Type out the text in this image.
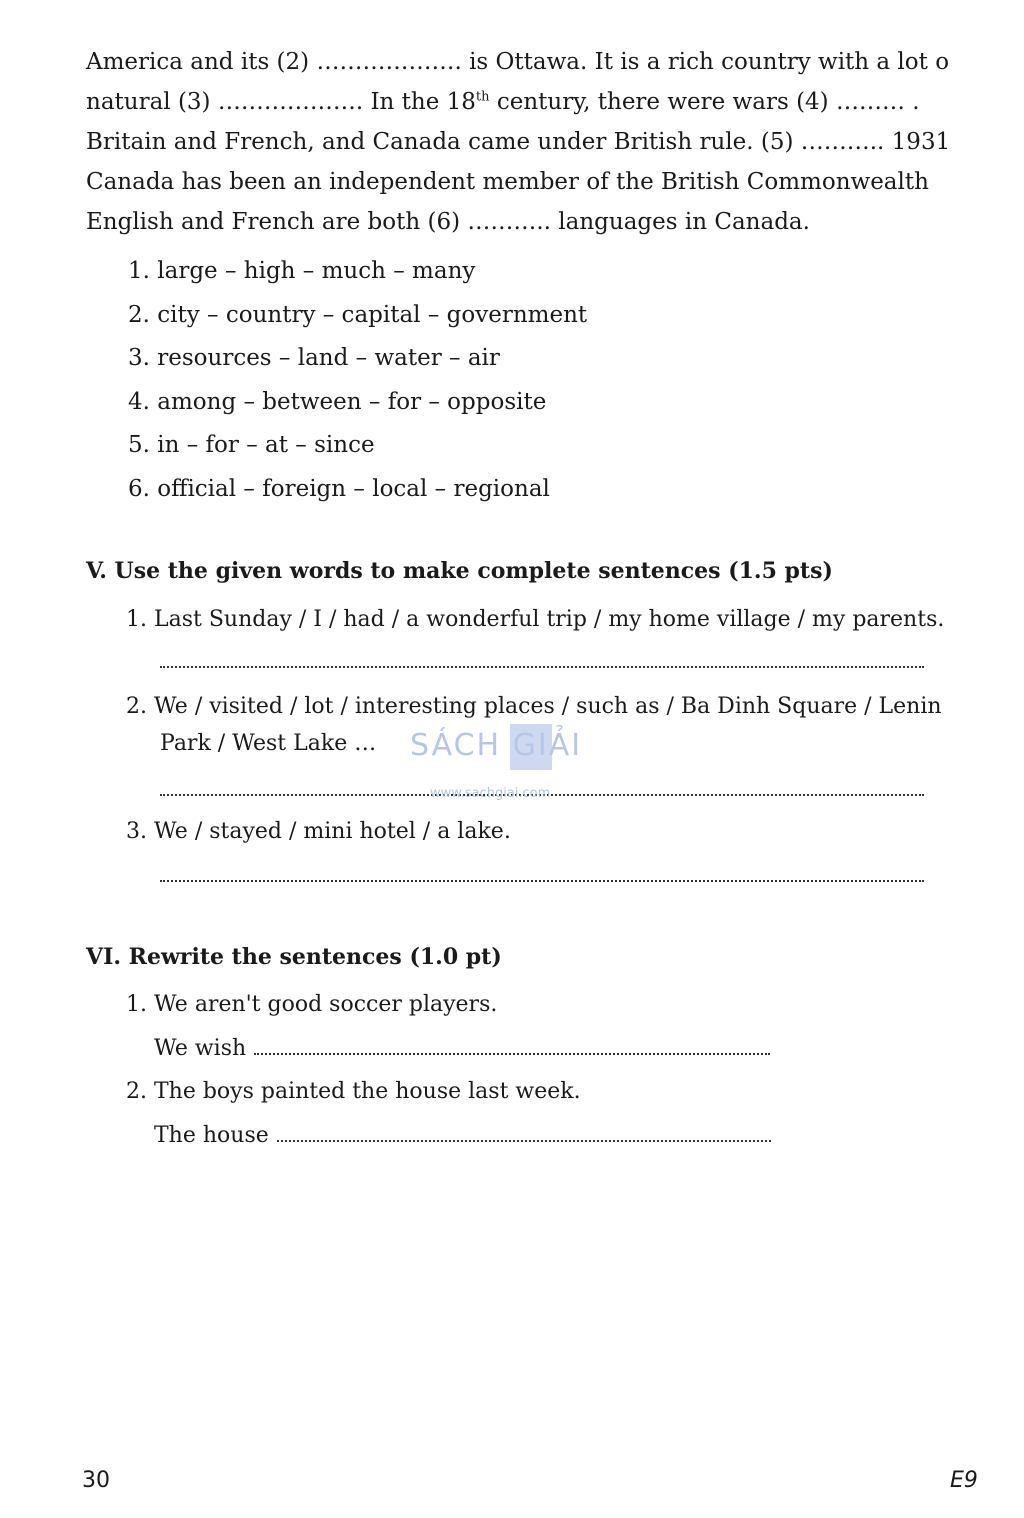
America and its (2) ………………. is Ottawa. It is a rich country with a lot o
natural (3) ………………. In the 18th century, there were wars (4) ……… .
Britain and French, and Canada came under British rule. (5) ……….. 1931
Canada has been an independent member of the British Commonwealth
English and French are both (6) ……….. languages in Canada.
1. large – high – much – many
2. city – country – capital – government
3. resources – land – water – air
4. among – between – for – opposite
5. in – for – at – since
6. official – foreign – local – regional
V. Use the given words to make complete sentences (1.5 pts)
1. Last Sunday / I / had / a wonderful trip / my home village / my parents.
2. We / visited / lot / interesting places / such as / Ba Dinh Square / Lenin
Park / West Lake …
3. We / stayed / mini hotel / a lake.
VI. Rewrite the sentences (1.0 pt)
1. We aren't good soccer players.
We wish
2. The boys painted the house last week.
The house
SÁCH GIẢI
www.sachgiai.com
30	E9
